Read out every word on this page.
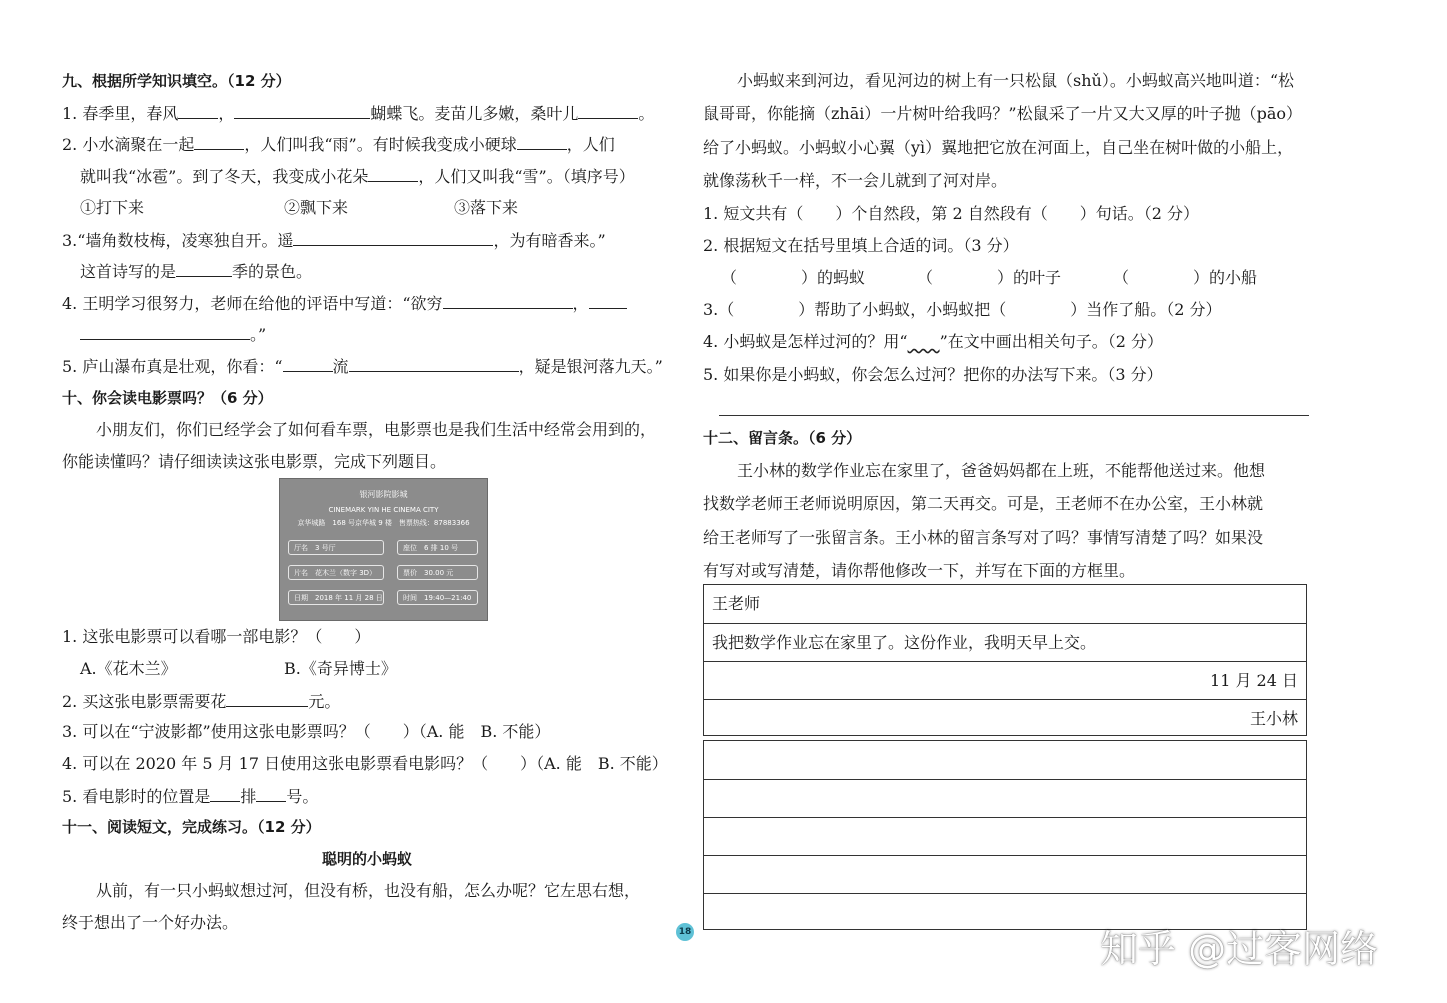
九、根据所学知识填空。（12 分）
1. 春季里，春风	，	蝴蝶飞。麦苗儿多嫩，桑叶儿	。
2. 小水滴聚在一起	，人们叫我“雨”。有时候我变成小硬球	，人们
就叫我“冰雹”。到了冬天，我变成小花朵	，人们又叫我“雪”。（填序号）
①打下来	②飘下来	③落下来
3.“墙角数枝梅，凌寒独自开。遥	，为有暗香来。”
这首诗写的是	季的景色。
4. 王明学习很努力，老师在给他的评语中写道：“欲穷	，
。”
5. 庐山瀑布真是壮观，你看：“	流	，疑是银河落九天。”
十、你会读电影票吗？（6 分）
小朋友们，你们已经学会了如何看车票，电影票也是我们生活中经常会用到的，
你能读懂吗？请仔细读读这张电影票，完成下列题目。
银河影院影城
CINEMARK YIN HE CINEMA CITY
京华城路　168 号京华城 9 楼　售票热线：87883366
厅名　3 号厅	座位　6 排 10 号
片名　花木兰（数字 3D）	票价　30.00 元
日期　2018 年 11 月 28 日	时间　19:40—21:40
1. 这张电影票可以看哪一部电影？（　　）
A.《花木兰》	B.《奇异博士》
2. 买这张电影票需要花	元。
3. 可以在“宁波影都”使用这张电影票吗？（　　）（A. 能　B. 不能）
4. 可以在 2020 年 5 月 17 日使用这张电影票看电影吗？（　　）（A. 能　B. 不能）
5. 看电影时的位置是 排 号。
十一、阅读短文，完成练习。（12 分）
聪明的小蚂蚁
从前，有一只小蚂蚁想过河，但没有桥，也没有船，怎么办呢？它左思右想，
终于想出了一个好办法。
小蚂蚁来到河边，看见河边的树上有一只松鼠（shǔ）。小蚂蚁高兴地叫道：“松
鼠哥哥，你能摘（zhāi）一片树叶给我吗？”松鼠采了一片又大又厚的叶子抛（pāo）
给了小蚂蚁。小蚂蚁小心翼（yì）翼地把它放在河面上，自己坐在树叶做的小船上，
就像荡秋千一样，不一会儿就到了河对岸。
1. 短文共有（　　）个自然段，第 2 自然段有（　　）句话。（2 分）
2. 根据短文在括号里填上合适的词。（3 分）
（　　　　）的蚂蚁	（　　　　）的叶子	（　　　　）的小船
3.（　　　　）帮助了小蚂蚁，小蚂蚁把（　　　　）当作了船。（2 分）
4. 小蚂蚁是怎样过河的？用“　　 ”在文中画出相关句子。（2 分）
5. 如果你是小蚂蚁，你会怎么过河？把你的办法写下来。（3 分）
十二、留言条。（6 分）
王小林的数学作业忘在家里了，爸爸妈妈都在上班，不能帮他送过来。他想
找数学老师王老师说明原因，第二天再交。可是，王老师不在办公室，王小林就
给王老师写了一张留言条。王小林的留言条写对了吗？事情写清楚了吗？如果没
有写对或写清楚，请你帮他修改一下，并写在下面的方框里。
王老师
我把数学作业忘在家里了。这份作业，我明天早上交。
11 月 24 日
王小林
18	知乎 @过客网络
